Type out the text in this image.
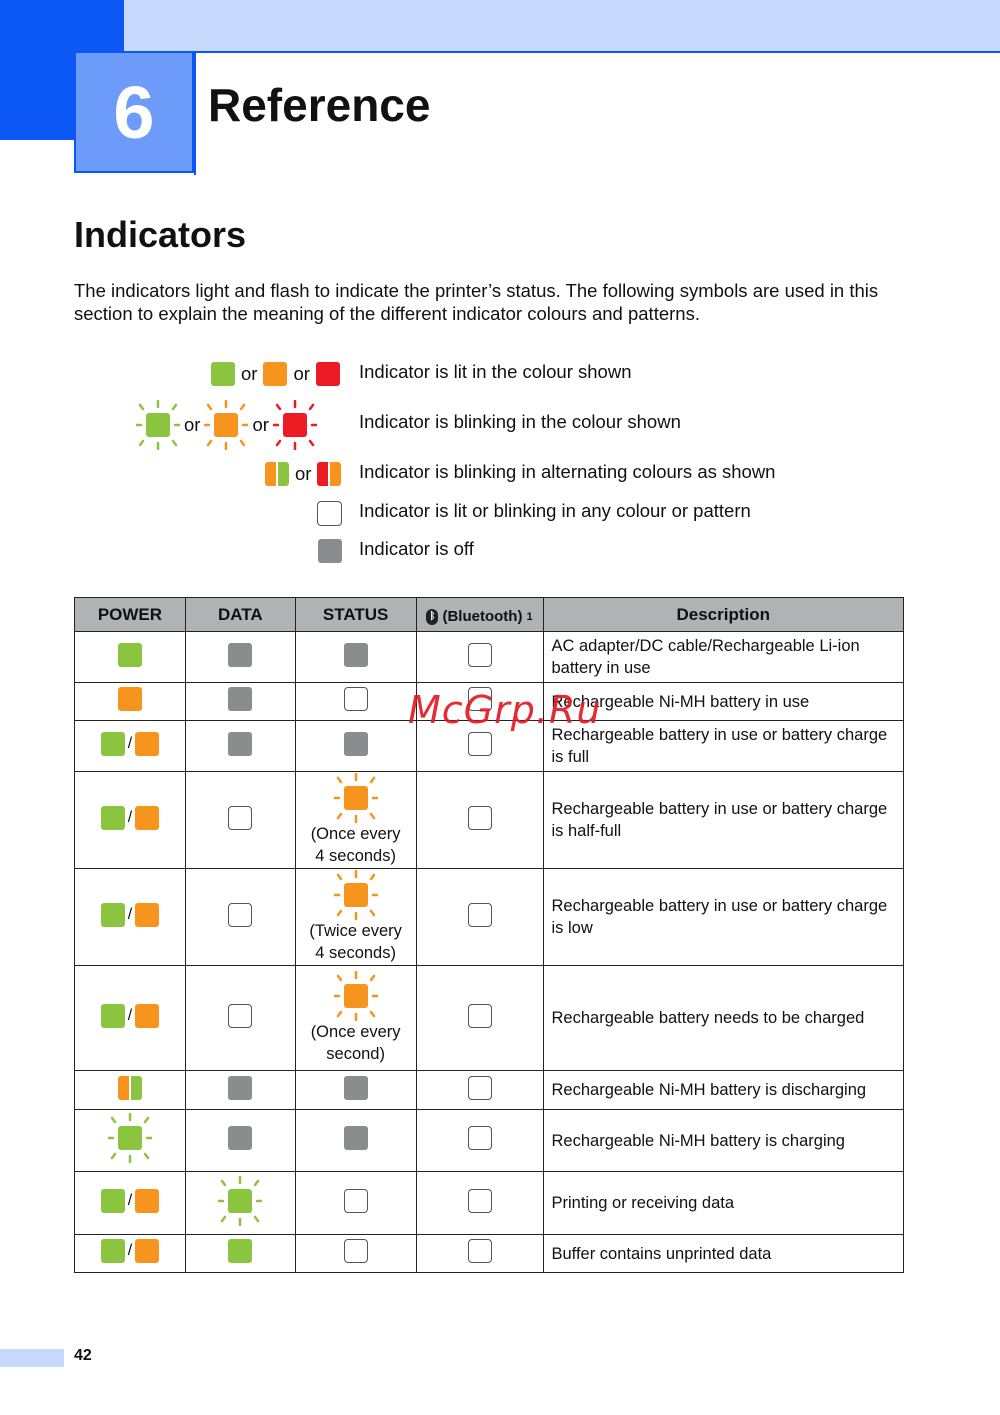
6	Reference
Indicators
The indicators light and flash to indicate the printer’s status. The following symbols are used in this section to explain the meaning of the different indicator colours and patterns.
or or	Indicator is lit in the colour shown
or	or	Indicator is blinking in the colour shown
or	Indicator is blinking in alternating colours as shown
Indicator is lit or blinking in any colour or pattern
Indicator is off
POWER	DATA	STATUS	ᛒ (Bluetooth) 1	Description
				AC adapter/DC cable/Rechargeable Li-ion battery in use
				Rechargeable Ni-MH battery in use

/				Rechargeable battery in use or battery charge is full

/		(Once every
4 seconds)		Rechargeable battery in use or battery charge is half-full

/		(Twice every
4 seconds)		Rechargeable battery in use or battery charge is low

/		(Once every
second)		Rechargeable battery needs to be charged

				Rechargeable Ni-MH battery is discharging

				Rechargeable Ni-MH battery is charging

/				Printing or receiving data

/				Buffer contains unprinted data
McGrp.Ru
42
